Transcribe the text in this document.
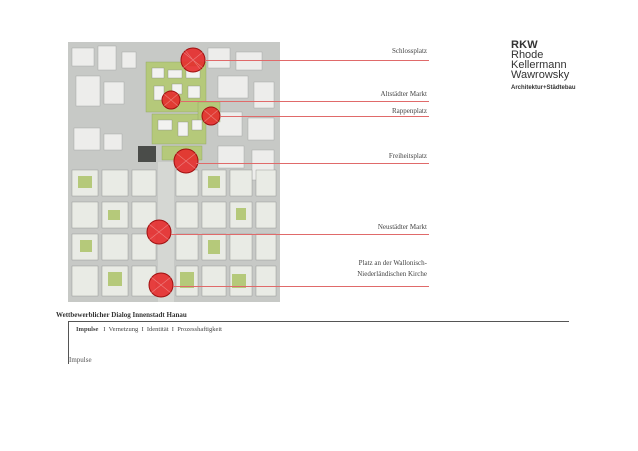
Schlossplatz
Altstädter Markt
Rappenplatz
Freiheitsplatz
Neustädter Markt
Platz an der Wallonisch-
Niederländischen Kirche
RKW
Rhode
Kellermann
Wawrowsky
Architektur+Städtebau
Wettbewerblicher Dialog Innenstadt Hanau
Impulse I Vernetzung I Identität I Prozesshaftigkeit
Impulse
